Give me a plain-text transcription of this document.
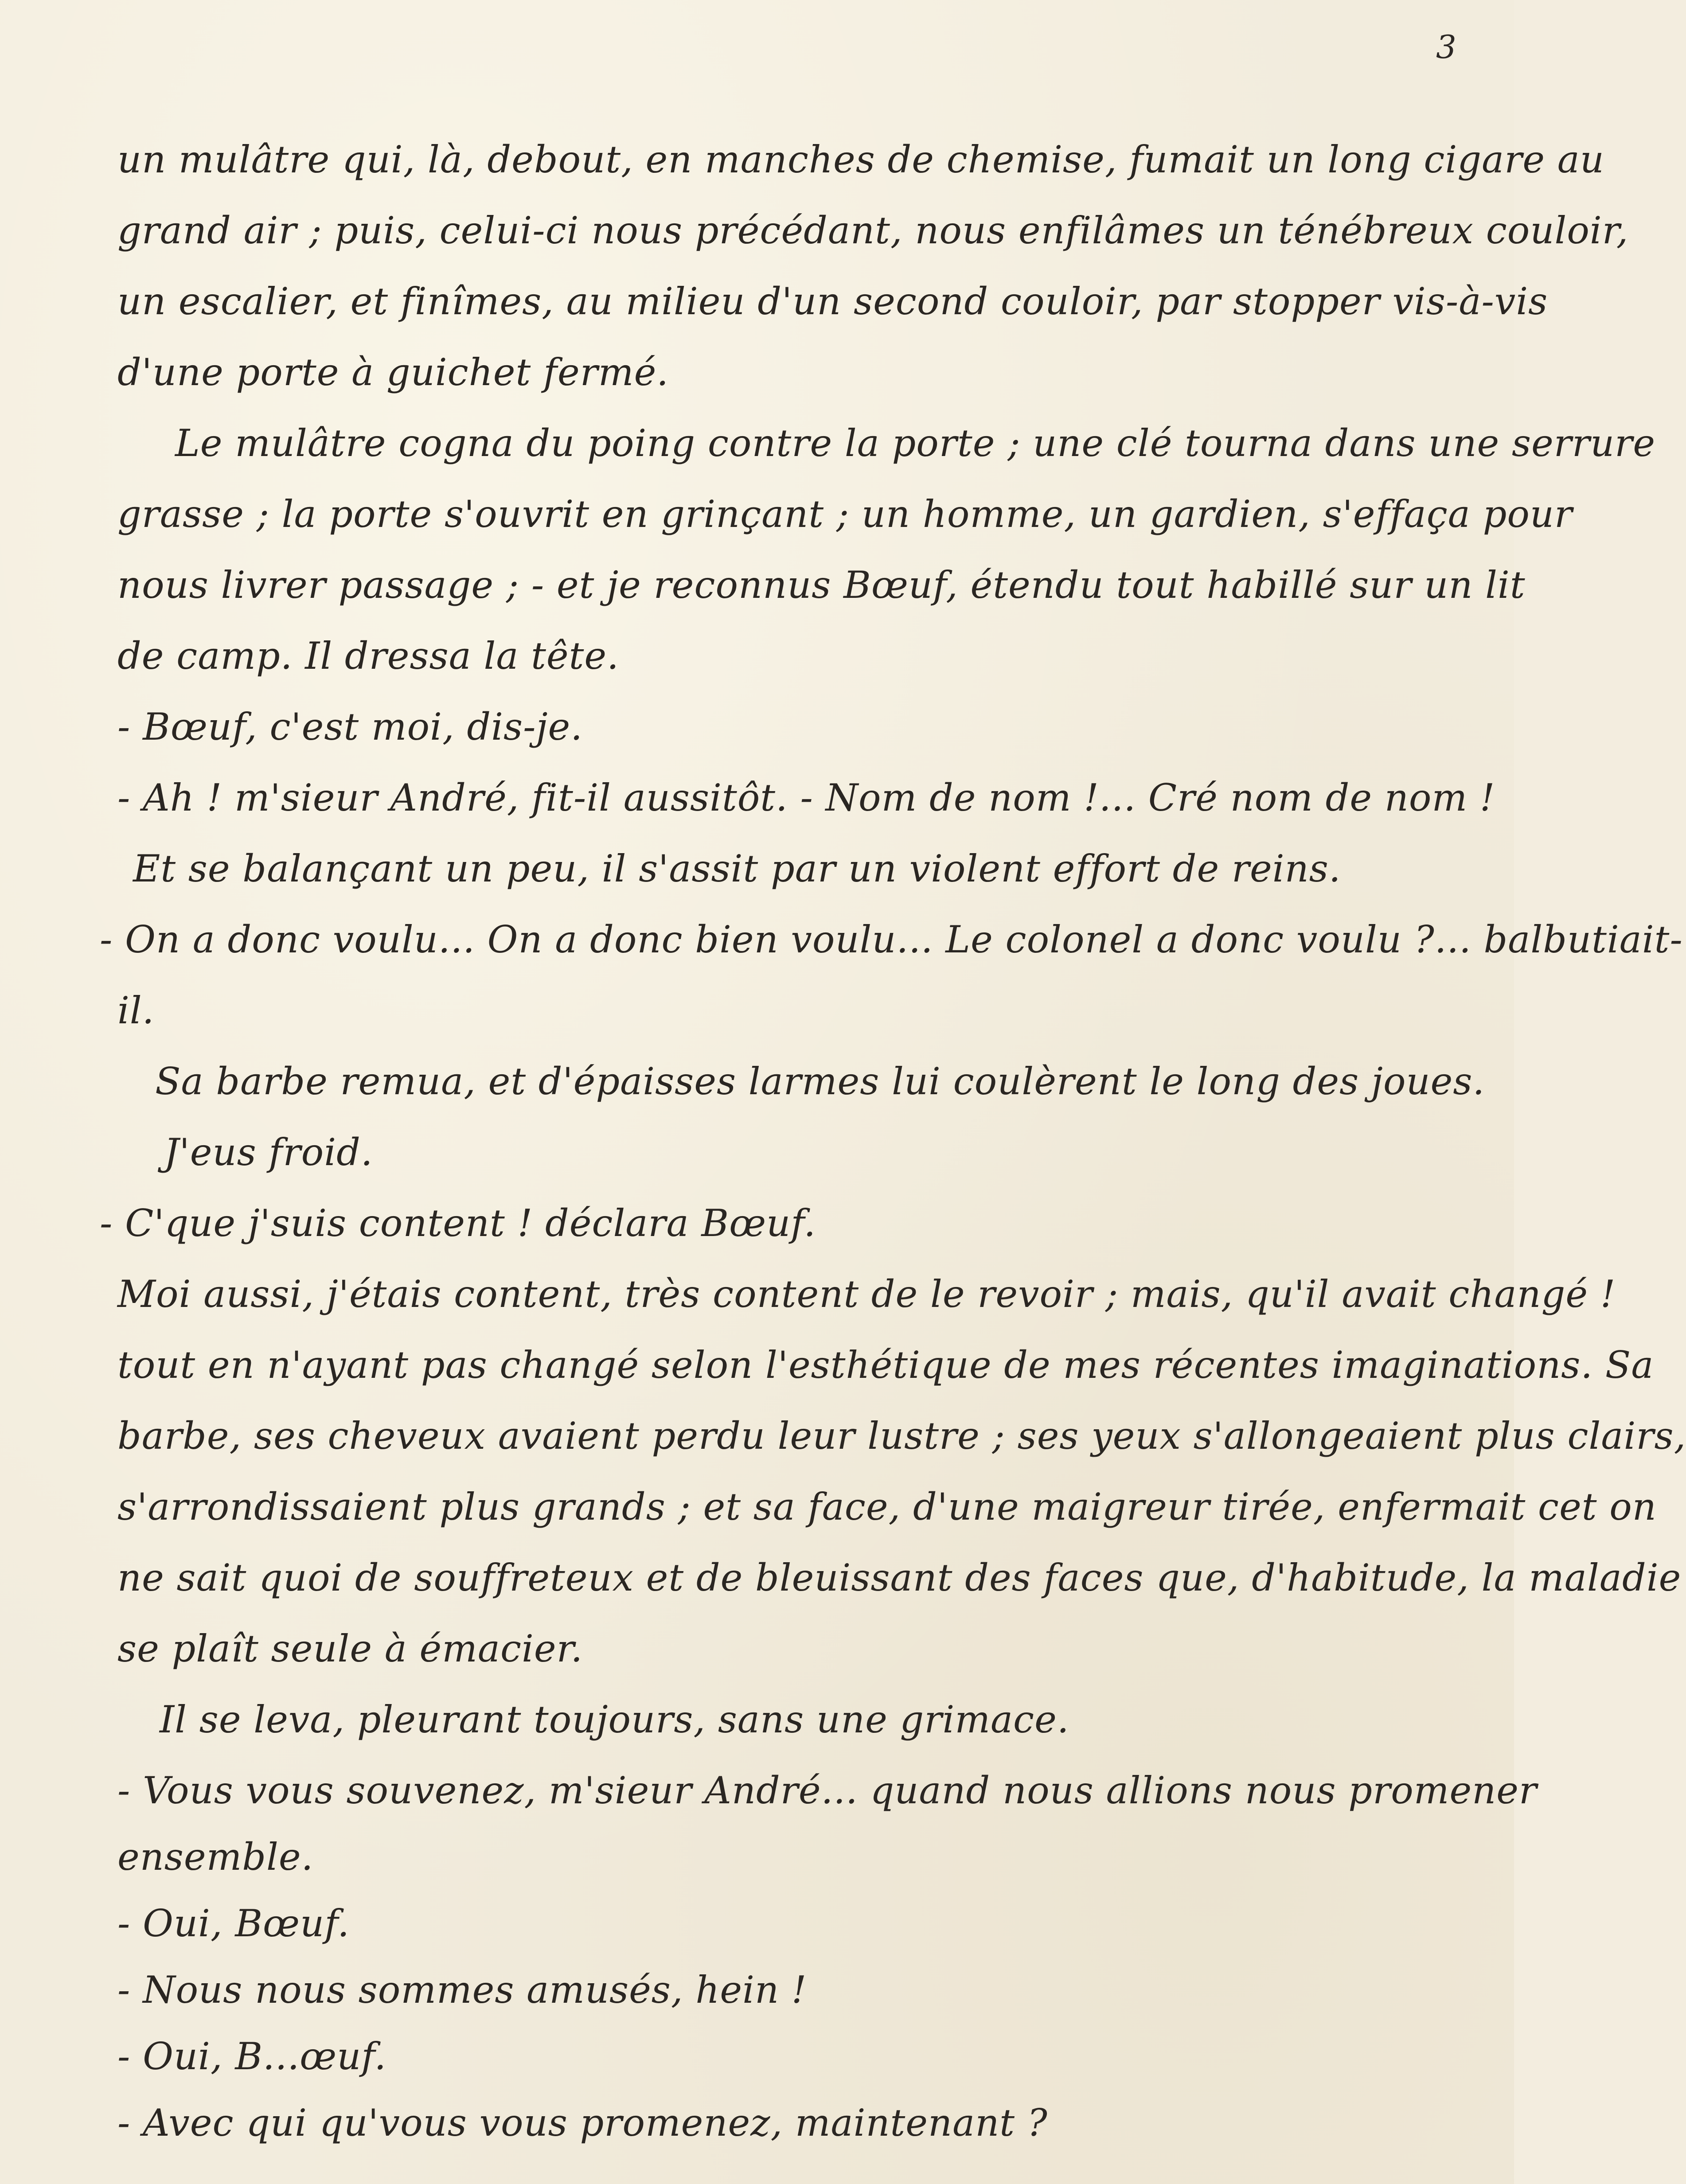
3
un mulâtre qui, là, debout, en manches de chemise, fumait un long cigare au
grand air ; puis, celui-ci nous précédant, nous enfilâmes un ténébreux couloir,
un escalier, et finîmes, au milieu d'un second couloir, par stopper vis-à-vis
d'une porte à guichet fermé.
Le mulâtre cogna du poing contre la porte ; une clé tourna dans une serrure
grasse ; la porte s'ouvrit en grinçant ; un homme, un gardien, s'effaça pour
nous livrer passage ; - et je reconnus Bœuf, étendu tout habillé sur un lit
de camp. Il dressa la tête.
- Bœuf, c'est moi, dis-je.
- Ah ! m'sieur André, fit-il aussitôt. - Nom de nom !... Cré nom de nom !
Et se balançant un peu, il s'assit par un violent effort de reins.
- On a donc voulu... On a donc bien voulu... Le colonel a donc voulu ?... balbutiait-
il.
Sa barbe remua, et d'épaisses larmes lui coulèrent le long des joues.
J'eus froid.
- C'que j'suis content ! déclara Bœuf.
Moi aussi, j'étais content, très content de le revoir ; mais, qu'il avait changé !
tout en n'ayant pas changé selon l'esthétique de mes récentes imaginations. Sa
barbe, ses cheveux avaient perdu leur lustre ; ses yeux s'allongeaient plus clairs,
s'arrondissaient plus grands ; et sa face, d'une maigreur tirée, enfermait cet on
ne sait quoi de souffreteux et de bleuissant des faces que, d'habitude, la maladie
se plaît seule à émacier.
Il se leva, pleurant toujours, sans une grimace.
- Vous vous souvenez, m'sieur André... quand nous allions nous promener
ensemble.
- Oui, Bœuf.
- Nous nous sommes amusés, hein !
- Oui, B...œuf.
- Avec qui qu'vous vous promenez, maintenant ?
